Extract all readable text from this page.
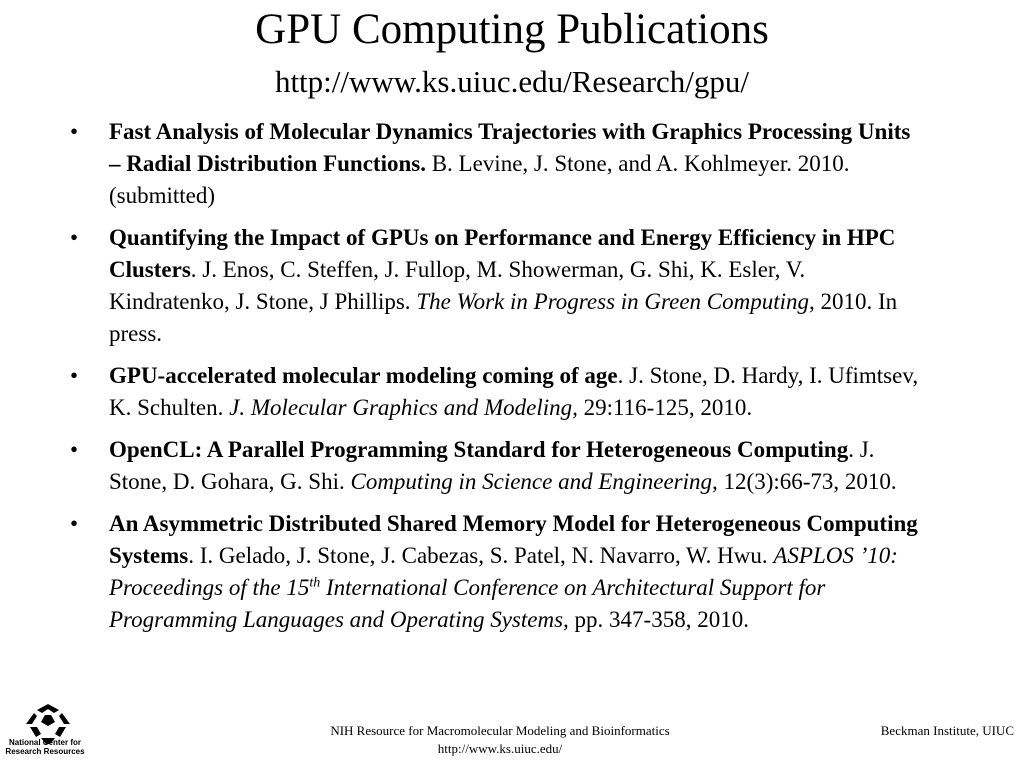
GPU Computing Publications
http://www.ks.uiuc.edu/Research/gpu/
• Fast Analysis of Molecular Dynamics Trajectories with Graphics Processing Units – Radial Distribution Functions. B. Levine, J. Stone, and A. Kohlmeyer. 2010. (submitted)
• Quantifying the Impact of GPUs on Performance and Energy Efficiency in HPC Clusters. J. Enos, C. Steffen, J. Fullop, M. Showerman, G. Shi, K. Esler, V. Kindratenko, J. Stone, J Phillips. The Work in Progress in Green Computing, 2010. In press.
• GPU-accelerated molecular modeling coming of age. J. Stone, D. Hardy, I. Ufimtsev, K. Schulten. J. Molecular Graphics and Modeling, 29:116-125, 2010.
• OpenCL: A Parallel Programming Standard for Heterogeneous Computing. J. Stone, D. Gohara, G. Shi. Computing in Science and Engineering, 12(3):66-73, 2010.
• An Asymmetric Distributed Shared Memory Model for Heterogeneous Computing Systems. I. Gelado, J. Stone, J. Cabezas, S. Patel, N. Navarro, W. Hwu. ASPLOS ’10: Proceedings of the 15th International Conference on Architectural Support for Programming Languages and Operating Systems, pp. 347-358, 2010.
National Center for
Research Resources
NIH Resource for Macromolecular Modeling and Bioinformatics
http://www.ks.uiuc.edu/
Beckman Institute, UIUC
